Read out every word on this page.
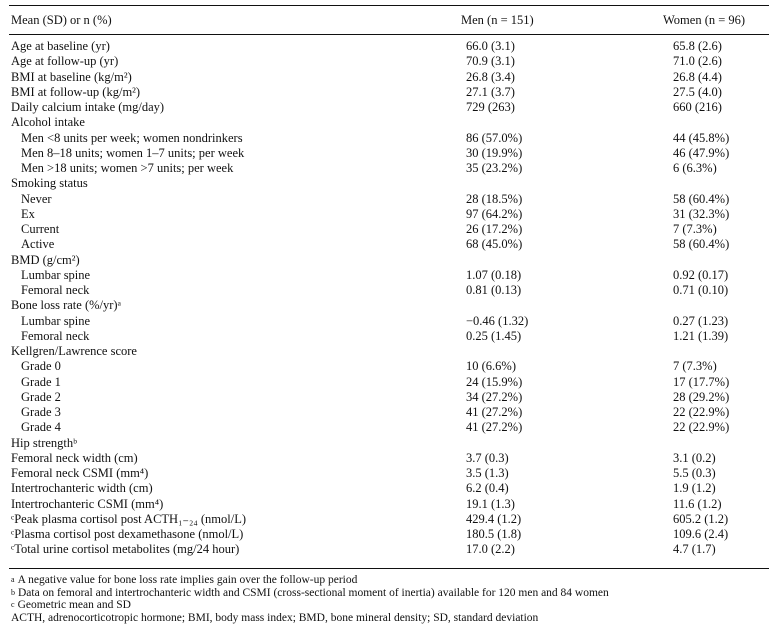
Mean (SD) or n (%)	Men (n = 151)	Women (n = 96)
Age at baseline (yr)	66.0 (3.1)	65.8 (2.6)
Age at follow-up (yr)	70.9 (3.1)	71.0 (2.6)
BMI at baseline (kg/m²)	26.8 (3.4)	26.8 (4.4)
BMI at follow-up (kg/m²)	27.1 (3.7)	27.5 (4.0)
Daily calcium intake (mg/day)	729 (263)	660 (216)
Alcohol intake
Men <8 units per week; women nondrinkers	86 (57.0%)	44 (45.8%)
Men 8–18 units; women 1–7 units; per week	30 (19.9%)	46 (47.9%)
Men >18 units; women >7 units; per week	35 (23.2%)	6 (6.3%)
Smoking status
Never	28 (18.5%)	58 (60.4%)
Ex	97 (64.2%)	31 (32.3%)
Current	26 (17.2%)	7 (7.3%)
Active	68 (45.0%)	58 (60.4%)
BMD (g/cm²)
Lumbar spine	1.07 (0.18)	0.92 (0.17)
Femoral neck	0.81 (0.13)	0.71 (0.10)
Bone loss rate (%/yr)ᵃ
Lumbar spine	−0.46 (1.32)	0.27 (1.23)
Femoral neck	0.25 (1.45)	1.21 (1.39)
Kellgren/Lawrence score
Grade 0	10 (6.6%)	7 (7.3%)
Grade 1	24 (15.9%)	17 (17.7%)
Grade 2	34 (27.2%)	28 (29.2%)
Grade 3	41 (27.2%)	22 (22.9%)
Grade 4	41 (27.2%)	22 (22.9%)
Hip strengthᵇ
Femoral neck width (cm)	3.7 (0.3)	3.1 (0.2)
Femoral neck CSMI (mm⁴)	3.5 (1.3)	5.5 (0.3)
Intertrochanteric width (cm)	6.2 (0.4)	1.9 (1.2)
Intertrochanteric CSMI (mm⁴)	19.1 (1.3)	11.6 (1.2)
ᶜPeak plasma cortisol post ACTH₁₋₂₄ (nmol/L)	429.4 (1.2)	605.2 (1.2)
ᶜPlasma cortisol post dexamethasone (nmol/L)	180.5 (1.8)	109.6 (2.4)
ᶜTotal urine cortisol metabolites (mg/24 hour)	17.0 (2.2)	4.7 (1.7)
$^a$ A negative value for bone loss rate implies gain over the follow-up period
$^b$ Data on femoral and intertrochanteric width and CSMI (cross-sectional moment of inertia) available for 120 men and 84 women
$^c$ Geometric mean and SD
ACTH, adrenocorticotropic hormone; BMI, body mass index; BMD, bone mineral density; SD, standard deviation
